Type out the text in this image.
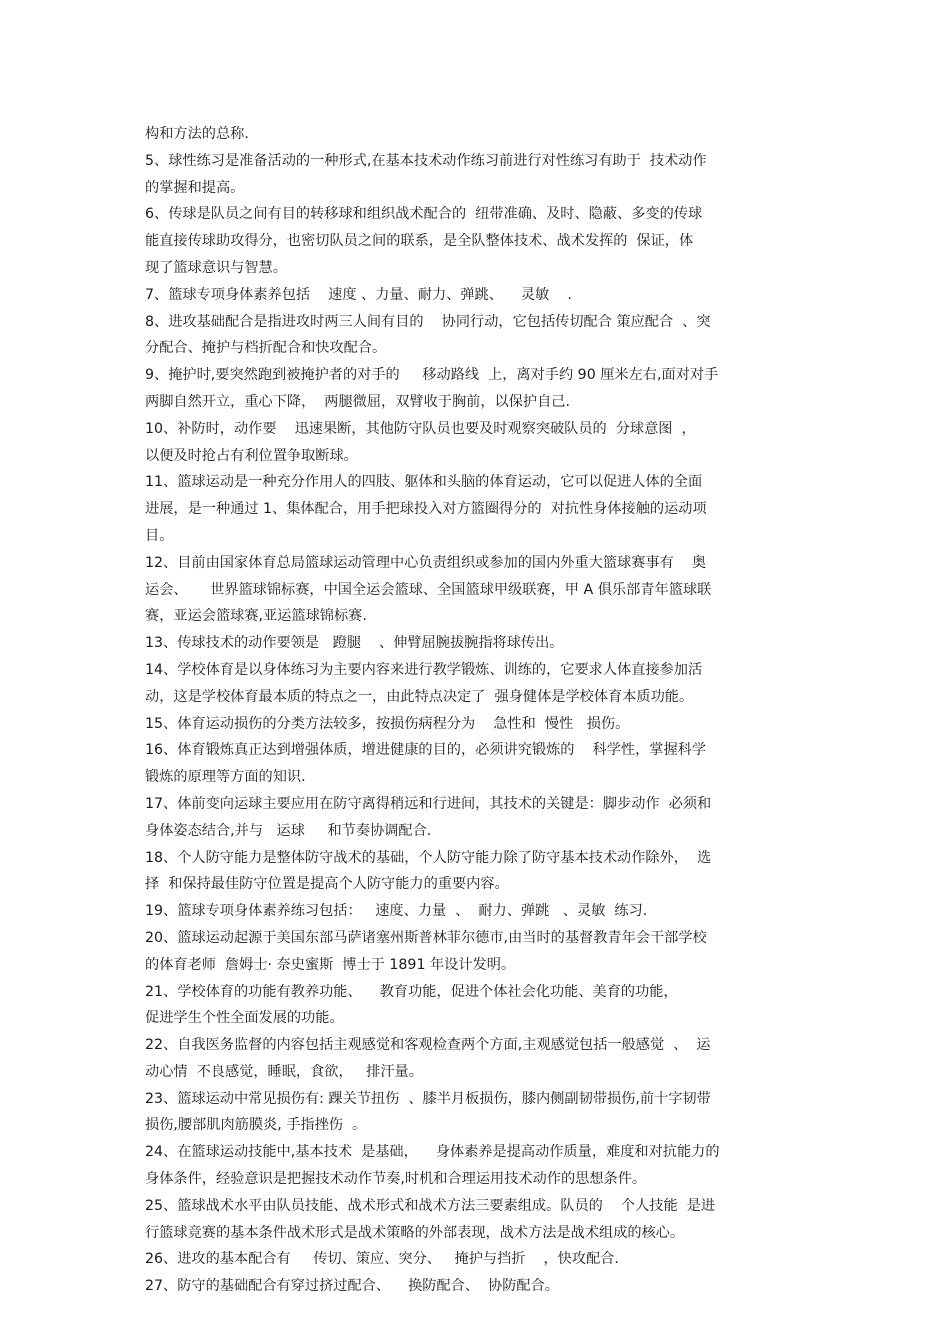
构和方法的总称.
5、球性练习是准备活动的一种形式,在基本技术动作练习前进行对性练习有助于  技术动作
的掌握和提高。
6、传球是队员之间有目的转移球和组织战术配合的  纽带准确、及时、隐蔽、多变的传球
能直接传球助攻得分，也密切队员之间的联系，是全队整体技术、战术发挥的  保证，体
现了篮球意识与智慧。
7、篮球专项身体素养包括    速度 、力量、耐力、弹跳、    灵敏    .
8、进攻基础配合是指进攻时两三人间有目的    协同行动，它包括传切配合 策应配合  、突
分配合、掩护与档折配合和快攻配合。
9、掩护时,要突然跑到被掩护者的对手的     移动路线  上，离对手约 90 厘米左右,面对对手
两脚自然开立，重心下降，  两腿微屈，双臂收于胸前，以保护自己.
10、补防时，动作要    迅速果断，其他防守队员也要及时观察突破队员的  分球意图  ，
以便及时抢占有利位置争取断球。
11、篮球运动是一种充分作用人的四肢、躯体和头脑的体育运动，它可以促进人体的全面
进展，是一种通过 1、集体配合，用手把球投入对方篮圈得分的  对抗性身体接触的运动项
目。
12、目前由国家体育总局篮球运动管理中心负责组织或参加的国内外重大篮球赛事有    奥
运会、     世界篮球锦标赛，中国全运会篮球、全国篮球甲级联赛，甲 A 俱乐部青年篮球联
赛，亚运会篮球赛,亚运篮球锦标赛.
13、传球技术的动作要领是   蹬腿    、伸臂屈腕拔腕指将球传出。
14、学校体育是以身体练习为主要内容来进行教学锻炼、训练的，它要求人体直接参加活
动，这是学校体育最本质的特点之一，由此特点决定了  强身健体是学校体育本质功能。
15、体育运动损伤的分类方法较多，按损伤病程分为    急性和  慢性   损伤。
16、体育锻炼真正达到增强体质，增进健康的目的，必须讲究锻炼的    科学性，掌握科学
锻炼的原理等方面的知识.
17、体前变向运球主要应用在防守离得稍远和行进间，其技术的关键是：脚步动作  必须和
身体姿态结合,并与   运球     和节奏协调配合.
18、个人防守能力是整体防守战术的基础，个人防守能力除了防守基本技术动作除外，  选
择  和保持最佳防守位置是提高个人防守能力的重要内容。
19、篮球专项身体素养练习包括：   速度、力量  、  耐力、弹跳   、灵敏  练习.
20、篮球运动起源于美国东部马萨诸塞州斯普林菲尔德市,由当时的基督教青年会干部学校
的体育老师  詹姆士· 奈史蜜斯  博士于 1891 年设计发明。
21、学校体育的功能有教养功能、    教育功能，促进个体社会化功能、美育的功能，
促进学生个性全面发展的功能。
22、自我医务监督的内容包括主观感觉和客观检查两个方面,主观感觉包括一般感觉  、  运
动心情  不良感觉，睡眠，食欲，   排汗量。
23、篮球运动中常见损伤有: 踝关节扭伤  、膝半月板损伤，膝内侧副韧带损伤,前十字韧带
损伤,腰部肌肉筋膜炎, 手指挫伤  。
24、在篮球运动技能中,基本技术  是基础，    身体素养是提高动作质量，难度和对抗能力的
身体条件，经验意识是把握技术动作节奏,时机和合理运用技术动作的思想条件。
25、篮球战术水平由队员技能、战术形式和战术方法三要素组成。队员的    个人技能  是进
行篮球竞赛的基本条件战术形式是战术策略的外部表现，战术方法是战术组成的核心。
26、进攻的基本配合有     传切、策应、突分、   掩护与挡折    ，快攻配合.
27、防守的基础配合有穿过挤过配合、    换防配合、  协防配合。
